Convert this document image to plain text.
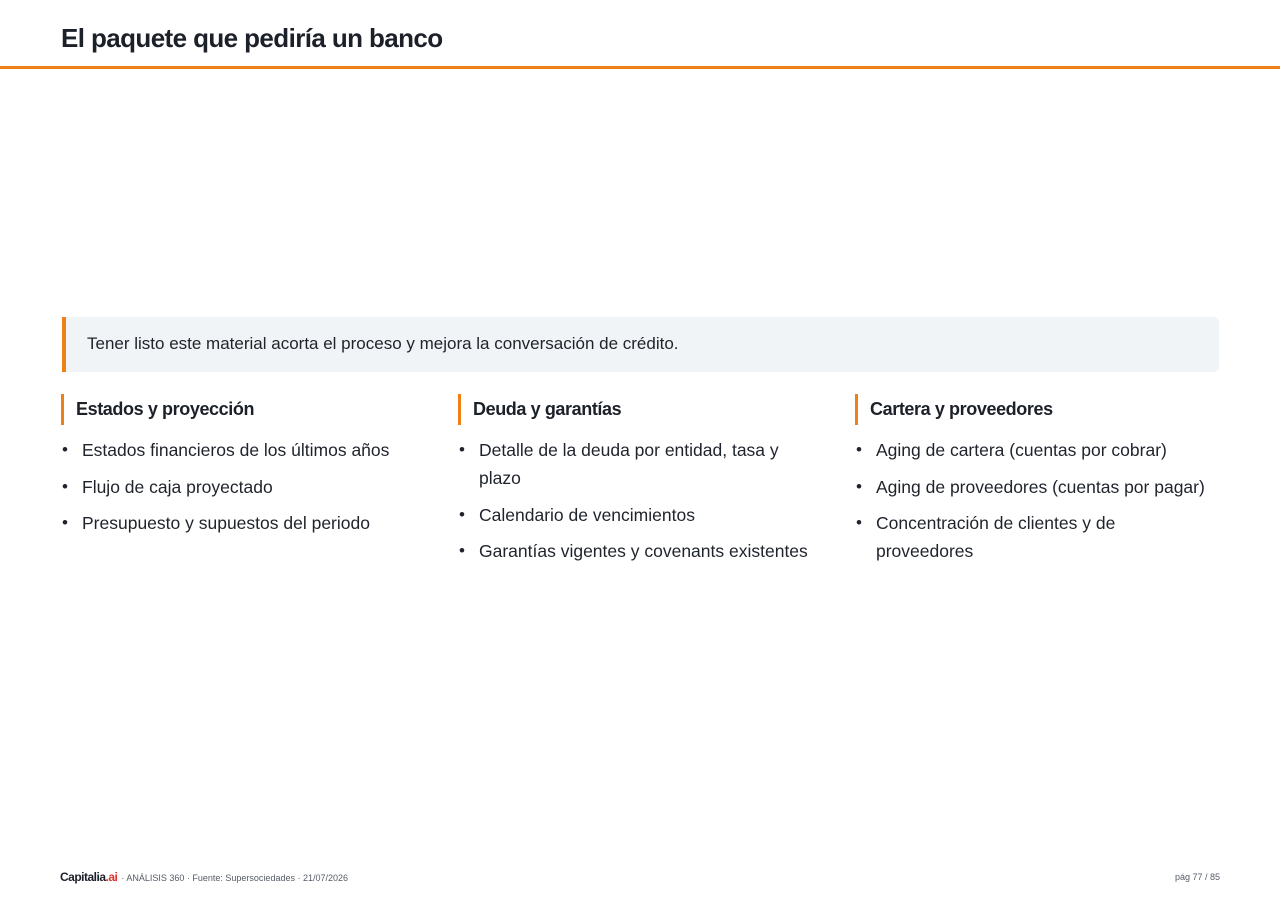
El paquete que pediría un banco
Tener listo este material acorta el proceso y mejora la conversación de crédito.
Estados y proyección
• Estados financieros de los últimos años
• Flujo de caja proyectado
• Presupuesto y supuestos del periodo
Deuda y garantías
• Detalle de la deuda por entidad, tasa y plazo
• Calendario de vencimientos
• Garantías vigentes y covenants existentes
Cartera y proveedores
• Aging de cartera (cuentas por cobrar)
• Aging de proveedores (cuentas por pagar)
• Concentración de clientes y de proveedores
Capitalia.ai · ANÁLISIS 360 · Fuente: Supersociedades · 21/07/2026	pág 77 / 85
